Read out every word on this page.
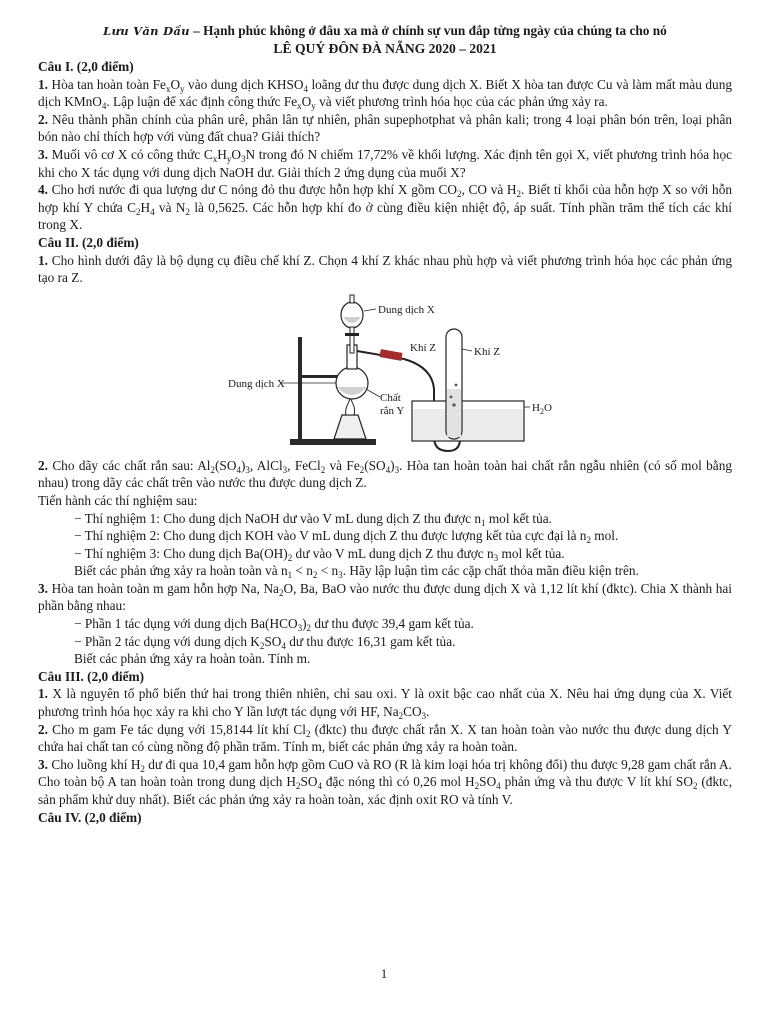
Lưu Văn Dầu – Hạnh phúc không ở đâu xa mà ở chính sự vun đắp từng ngày của chúng ta cho nó
LÊ QUÝ ĐÔN ĐÀ NẴNG 2020 – 2021
Câu I. (2,0 điểm)

1. Hòa tan hoàn toàn $Fe_xO_y$ vào dung dịch $KHSO_4$ loãng dư thu được dung dịch X. Biết X hòa tan được Cu và làm mất màu dung dịch KMnO$_4$. Lập luận để xác định công thức $Fe_xO_y$ và viết phương trình hóa học của các phản ứng xảy ra.

2. Nêu thành phần chính của phân urê, phân lân tự nhiên, phân supephotphat và phân kali; trong 4 loại phân bón trên, loại phân bón nào chỉ thích hợp với vùng đất chua? Giải thích?

3. Muối vô cơ X có công thức $C_xH_yO_3N$ trong đó N chiếm 17,72% về khối lượng. Xác định tên gọi X, viết phương trình hóa học khi cho X tác dụng với dung dịch NaOH dư. Giải thích 2 ứng dụng của muối X?

4. Cho hơi nước đi qua lượng dư C nóng đỏ thu được hỗn hợp khí X gồm $CO_2$, CO và $H_2$. Biết tỉ khối của hỗn hợp X so với hỗn hợp khí Y chứa $C_2H_4$ và $N_2$ là 0,5625. Các hỗn hợp khí đo ở cùng điều kiện nhiệt độ, áp suất. Tính phần trăm thể tích các khí trong X.

Câu II. (2,0 điểm)

1. Cho hình dưới đây là bộ dụng cụ điều chế khí Z. Chọn 4 khí Z khác nhau phù hợp và viết phương trình hóa học các phản ứng tạo ra Z.

Dung dịch X
Dung dịch X
Khí Z	Khí Z
Chất
rắn Y	$H_2O$

2. Cho dãy các chất rắn sau: $Al_2(SO_4)_3$, AlCl$_3$, FeCl$_2$ và $Fe_2(SO_4)_3$. Hòa tan hoàn toàn hai chất rắn ngẫu nhiên (có số mol bằng nhau) trong dãy các chất trên vào nước thu được dung dịch Z.

Tiến hành các thí nghiệm sau:

− Thí nghiệm 1: Cho dung dịch NaOH dư vào V mL dung dịch Z thu được $n_1$ mol kết tủa.

− Thí nghiệm 2: Cho dung dịch KOH vào V mL dung dịch Z thu được lượng kết tủa cực đại là $n_2$ mol.

− Thí nghiệm 3: Cho dung dịch $Ba(OH)_2$ dư vào V mL dung dịch Z thu được $n_3$ mol kết tủa.

Biết các phản ứng xảy ra hoàn toàn và $n_1 < n_2 < n_3$. Hãy lập luận tìm các cặp chất thỏa mãn điều kiện trên.

3. Hòa tan hoàn toàn m gam hỗn hợp Na, $Na_2O$, Ba, BaO vào nước thu được dung dịch X và 1,12 lít khí (đktc). Chia X thành hai phần bằng nhau:

− Phần 1 tác dụng với dung dịch $Ba(HCO_3)_2$ dư thu được 39,4 gam kết tủa.

− Phần 2 tác dụng với dung dịch $K_2SO_4$ dư thu được 16,31 gam kết tủa.

Biết các phản ứng xảy ra hoàn toàn. Tính m.

Câu III. (2,0 điểm)

1. X là nguyên tố phổ biến thứ hai trong thiên nhiên, chỉ sau oxi. Y là oxit bậc cao nhất của X. Nêu hai ứng dụng của X. Viết phương trình hóa học xảy ra khi cho Y lần lượt tác dụng với HF, $Na_2CO_3$.

2. Cho m gam Fe tác dụng với 15,8144 lít khí $Cl_2$ (đktc) thu được chất rắn X. X tan hoàn toàn vào nước thu được dung dịch Y chứa hai chất tan có cùng nồng độ phần trăm. Tính m, biết các phản ứng xảy ra hoàn toàn.

3. Cho luồng khí $H_2$ dư đi qua 10,4 gam hỗn hợp gồm CuO và RO (R là kim loại hóa trị không đổi) thu được 9,28 gam chất rắn A. Cho toàn bộ A tan hoàn toàn trong dung dịch $H_2SO_4$ đặc nóng thì có 0,26 mol $H_2SO_4$ phản ứng và thu được V lít khí $SO_2$ (đktc, sản phẩm khử duy nhất). Biết các phản ứng xảy ra hoàn toàn, xác định oxit RO và tính V.

Câu IV. (2,0 điểm)
1
